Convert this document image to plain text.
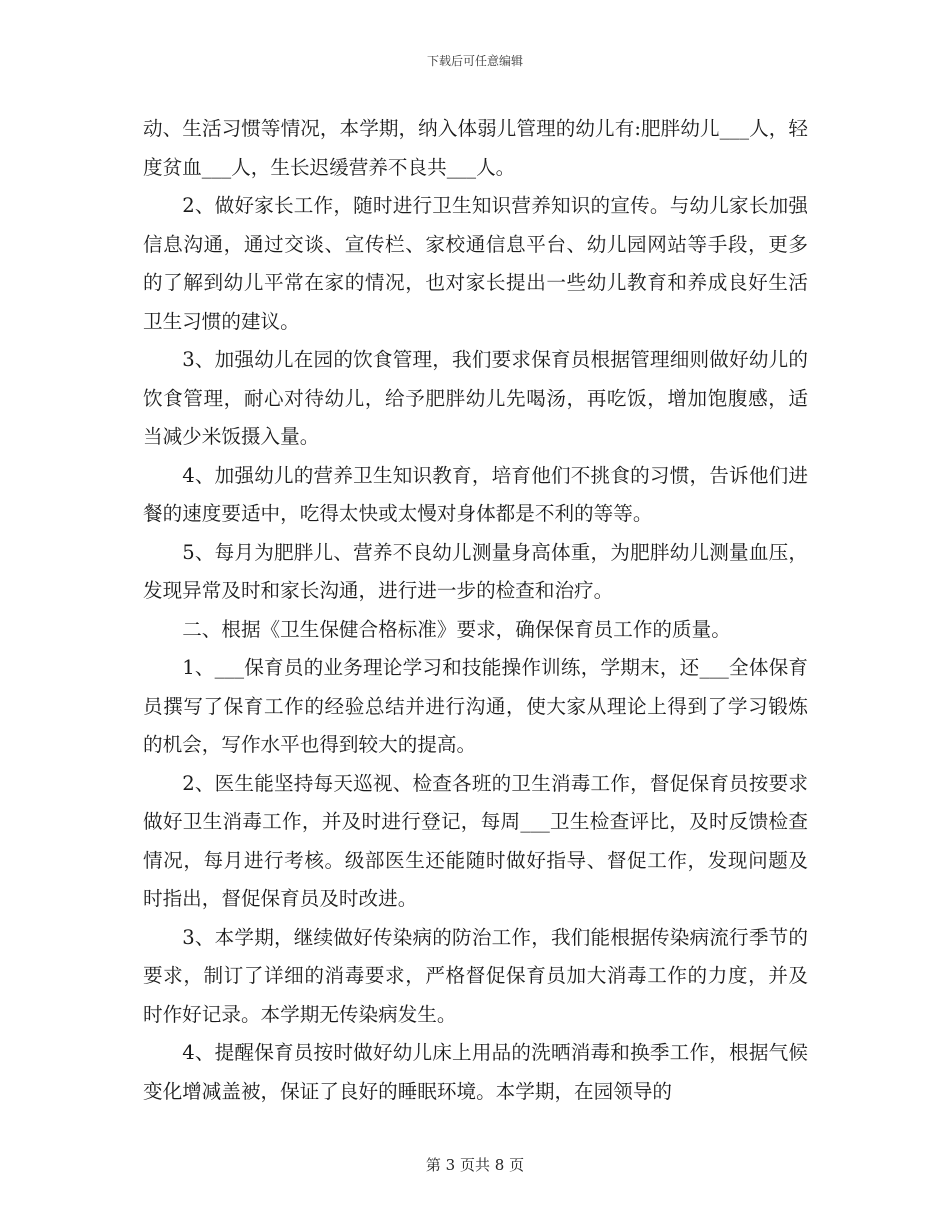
下载后可任意编辑

动、生活习惯等情况，本学期，纳入体弱儿管理的幼儿有:肥胖幼儿___人，轻度贫血___人，生长迟缓营养不良共___人。

2、做好家长工作，随时进行卫生知识营养知识的宣传。与幼儿家长加强信息沟通，通过交谈、宣传栏、家校通信息平台、幼儿园网站等手段，更多的了解到幼儿平常在家的情况，也对家长提出一些幼儿教育和养成良好生活卫生习惯的建议。

3、加强幼儿在园的饮食管理，我们要求保育员根据管理细则做好幼儿的饮食管理，耐心对待幼儿，给予肥胖幼儿先喝汤，再吃饭，增加饱腹感，适当减少米饭摄入量。

4、加强幼儿的营养卫生知识教育，培育他们不挑食的习惯，告诉他们进餐的速度要适中，吃得太快或太慢对身体都是不利的等等。

5、每月为肥胖儿、营养不良幼儿测量身高体重，为肥胖幼儿测量血压，发现异常及时和家长沟通，进行进一步的检查和治疗。

二、根据《卫生保健合格标准》要求，确保保育员工作的质量。

1、___保育员的业务理论学习和技能操作训练，学期末，还___全体保育员撰写了保育工作的经验总结并进行沟通，使大家从理论上得到了学习锻炼的机会，写作水平也得到较大的提高。

2、医生能坚持每天巡视、检查各班的卫生消毒工作，督促保育员按要求做好卫生消毒工作，并及时进行登记，每周___卫生检查评比，及时反馈检查情况，每月进行考核。级部医生还能随时做好指导、督促工作，发现问题及时指出，督促保育员及时改进。

3、本学期，继续做好传染病的防治工作，我们能根据传染病流行季节的要求，制订了详细的消毒要求，严格督促保育员加大消毒工作的力度，并及时作好记录。本学期无传染病发生。

4、提醒保育员按时做好幼儿床上用品的洗晒消毒和换季工作，根据气候变化增减盖被，保证了良好的睡眠环境。本学期，在园领导的

第 3 页共 8 页
